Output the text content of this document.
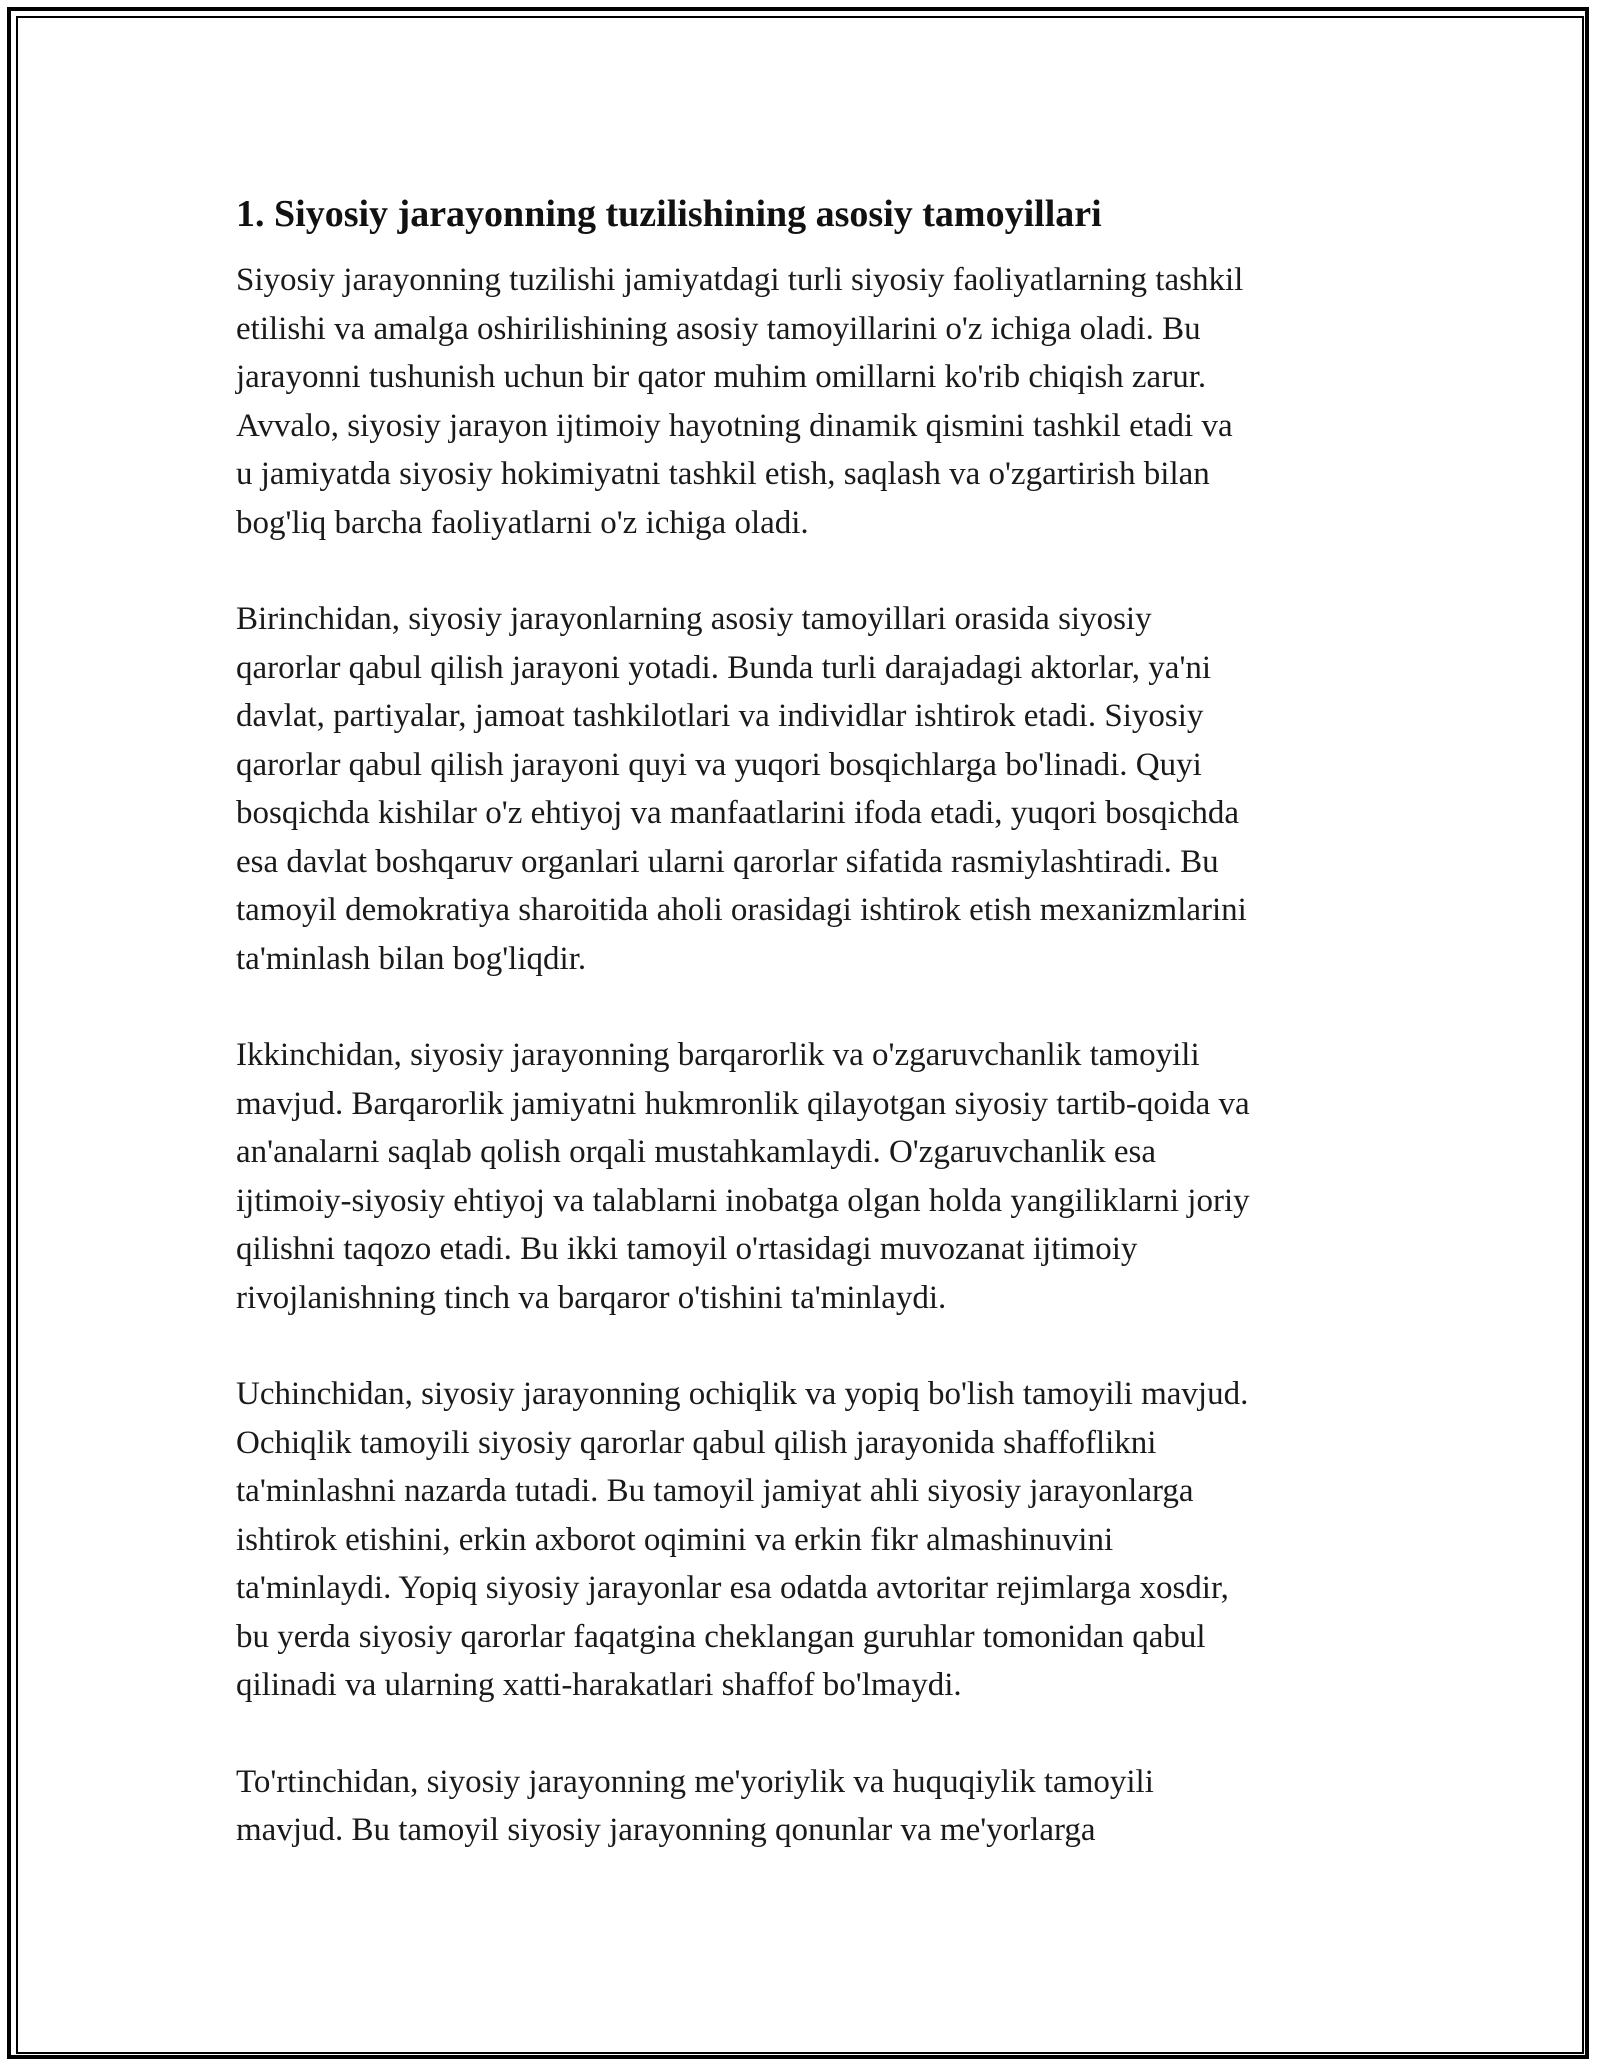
1. Siyosiy jarayonning tuzilishining asosiy tamoyillari

Siyosiy jarayonning tuzilishi jamiyatdagi turli siyosiy faoliyatlarning tashkil
etilishi va amalga oshirilishining asosiy tamoyillarini o'z ichiga oladi. Bu
jarayonni tushunish uchun bir qator muhim omillarni ko'rib chiqish zarur.
Avvalo, siyosiy jarayon ijtimoiy hayotning dinamik qismini tashkil etadi va
u jamiyatda siyosiy hokimiyatni tashkil etish, saqlash va o'zgartirish bilan
bog'liq barcha faoliyatlarni o'z ichiga oladi.

Birinchidan, siyosiy jarayonlarning asosiy tamoyillari orasida siyosiy
qarorlar qabul qilish jarayoni yotadi. Bunda turli darajadagi aktorlar, ya'ni
davlat, partiyalar, jamoat tashkilotlari va individlar ishtirok etadi. Siyosiy
qarorlar qabul qilish jarayoni quyi va yuqori bosqichlarga bo'linadi. Quyi
bosqichda kishilar o'z ehtiyoj va manfaatlarini ifoda etadi, yuqori bosqichda
esa davlat boshqaruv organlari ularni qarorlar sifatida rasmiylashtiradi. Bu
tamoyil demokratiya sharoitida aholi orasidagi ishtirok etish mexanizmlarini
ta'minlash bilan bog'liqdir.

Ikkinchidan, siyosiy jarayonning barqarorlik va o'zgaruvchanlik tamoyili
mavjud. Barqarorlik jamiyatni hukmronlik qilayotgan siyosiy tartib-qoida va
an'analarni saqlab qolish orqali mustahkamlaydi. O'zgaruvchanlik esa
ijtimoiy-siyosiy ehtiyoj va talablarni inobatga olgan holda yangiliklarni joriy
qilishni taqozo etadi. Bu ikki tamoyil o'rtasidagi muvozanat ijtimoiy
rivojlanishning tinch va barqaror o'tishini ta'minlaydi.

Uchinchidan, siyosiy jarayonning ochiqlik va yopiq bo'lish tamoyili mavjud.
Ochiqlik tamoyili siyosiy qarorlar qabul qilish jarayonida shaffoflikni
ta'minlashni nazarda tutadi. Bu tamoyil jamiyat ahli siyosiy jarayonlarga
ishtirok etishini, erkin axborot oqimini va erkin fikr almashinuvini
ta'minlaydi. Yopiq siyosiy jarayonlar esa odatda avtoritar rejimlarga xosdir,
bu yerda siyosiy qarorlar faqatgina cheklangan guruhlar tomonidan qabul
qilinadi va ularning xatti-harakatlari shaffof bo'lmaydi.

To'rtinchidan, siyosiy jarayonning me'yoriylik va huquqiylik tamoyili
mavjud. Bu tamoyil siyosiy jarayonning qonunlar va me'yorlarga
